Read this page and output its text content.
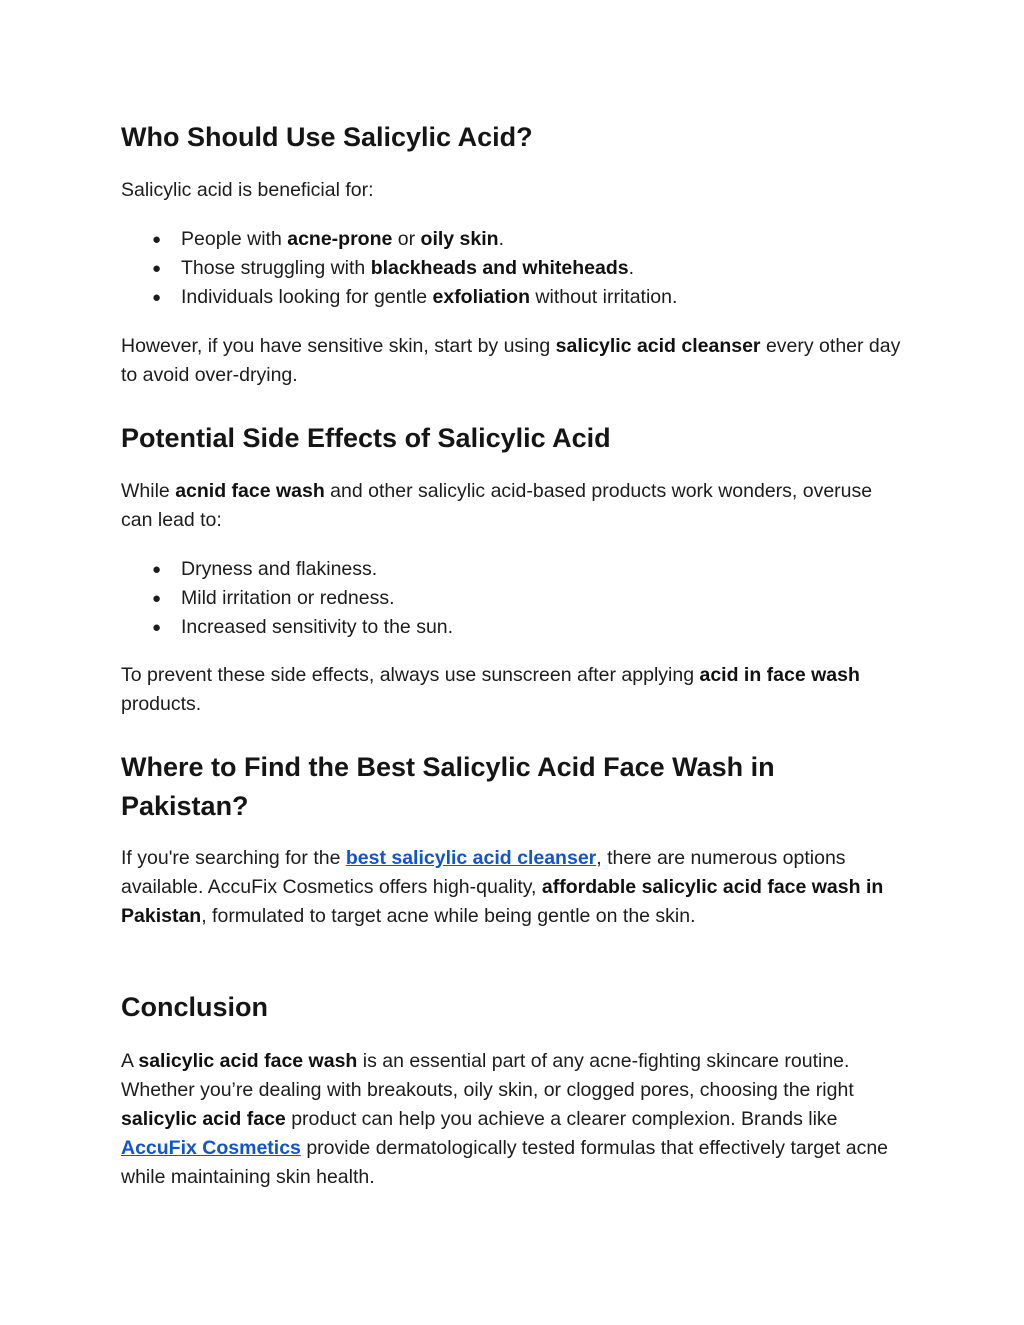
Who Should Use Salicylic Acid?

Salicylic acid is beneficial for:

● People with acne-prone or oily skin.
● Those struggling with blackheads and whiteheads.
● Individuals looking for gentle exfoliation without irritation.

However, if you have sensitive skin, start by using salicylic acid cleanser every other day to avoid over-drying.

Potential Side Effects of Salicylic Acid

While acnid face wash and other salicylic acid-based products work wonders, overuse can lead to:

● Dryness and flakiness.
● Mild irritation or redness.
● Increased sensitivity to the sun.

To prevent these side effects, always use sunscreen after applying acid in face wash products.

Where to Find the Best Salicylic Acid Face Wash in Pakistan?

If you're searching for the best salicylic acid cleanser, there are numerous options available. AccuFix Cosmetics offers high-quality, affordable salicylic acid face wash in Pakistan, formulated to target acne while being gentle on the skin.

Conclusion

A salicylic acid face wash is an essential part of any acne-fighting skincare routine. Whether you’re dealing with breakouts, oily skin, or clogged pores, choosing the right salicylic acid face product can help you achieve a clearer complexion. Brands like AccuFix Cosmetics provide dermatologically tested formulas that effectively target acne while maintaining skin health.
